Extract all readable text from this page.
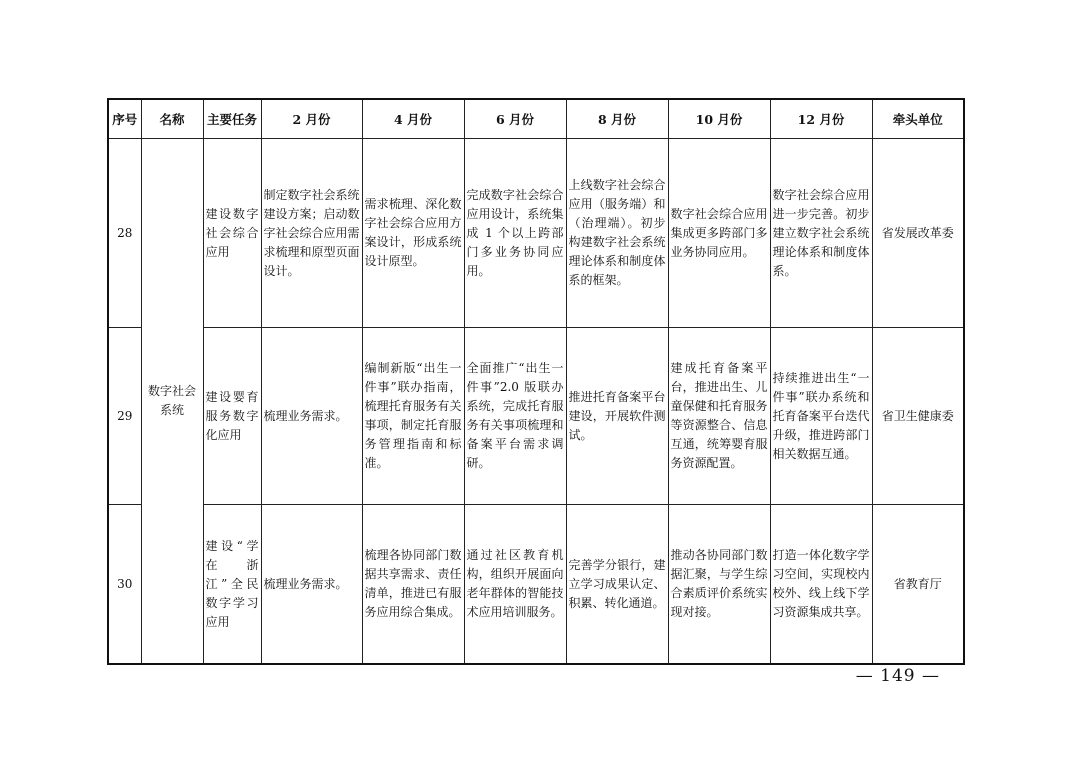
序号	名称	主要任务	2 月份	4 月份	6 月份	8 月份	10 月份	12 月份	牵头单位
28	数字社会系统	建设数字社会综合应用	制定数字社会系统建设方案；启动数字社会综合应用需求梳理和原型页面设计。	需求梳理、深化数字社会综合应用方案设计，形成系统设计原型。	完成数字社会综合应用设计，系统集成 1 个以上跨部门多业务协同应用。	上线数字社会综合应用（服务端）和（治理端）。初步构建数字社会系统理论体系和制度体系的框架。	数字社会综合应用集成更多跨部门多业务协同应用。	数字社会综合应用进一步完善。初步建立数字社会系统理论体系和制度体系。	省发展改革委
29		建设婴育服务数字化应用	梳理业务需求。	编制新版“出生一件事”联办指南，梳理托育服务有关事项，制定托育服务管理指南和标准。	全面推广“出生一件事”2.0 版联办系统，完成托育服务有关事项梳理和备案平台需求调研。	推进托育备案平台建设，开展软件测试。	建成托育备案平台，推进出生、儿童保健和托育服务等资源整合、信息互通，统筹婴育服务资源配置。	持续推进出生“一件事”联办系统和托育备案平台迭代升级，推进跨部门相关数据互通。	省卫生健康委
30		建设“学在浙江”全民数字学习应用	梳理业务需求。	梳理各协同部门数据共享需求、责任清单，推进已有服务应用综合集成。	通过社区教育机构，组织开展面向老年群体的智能技术应用培训服务。	完善学分银行，建立学习成果认定、积累、转化通道。	推动各协同部门数据汇聚，与学生综合素质评价系统实现对接。	打造一体化数字学习空间，实现校内校外、线上线下学习资源集成共享。	省教育厅
— 149 —
